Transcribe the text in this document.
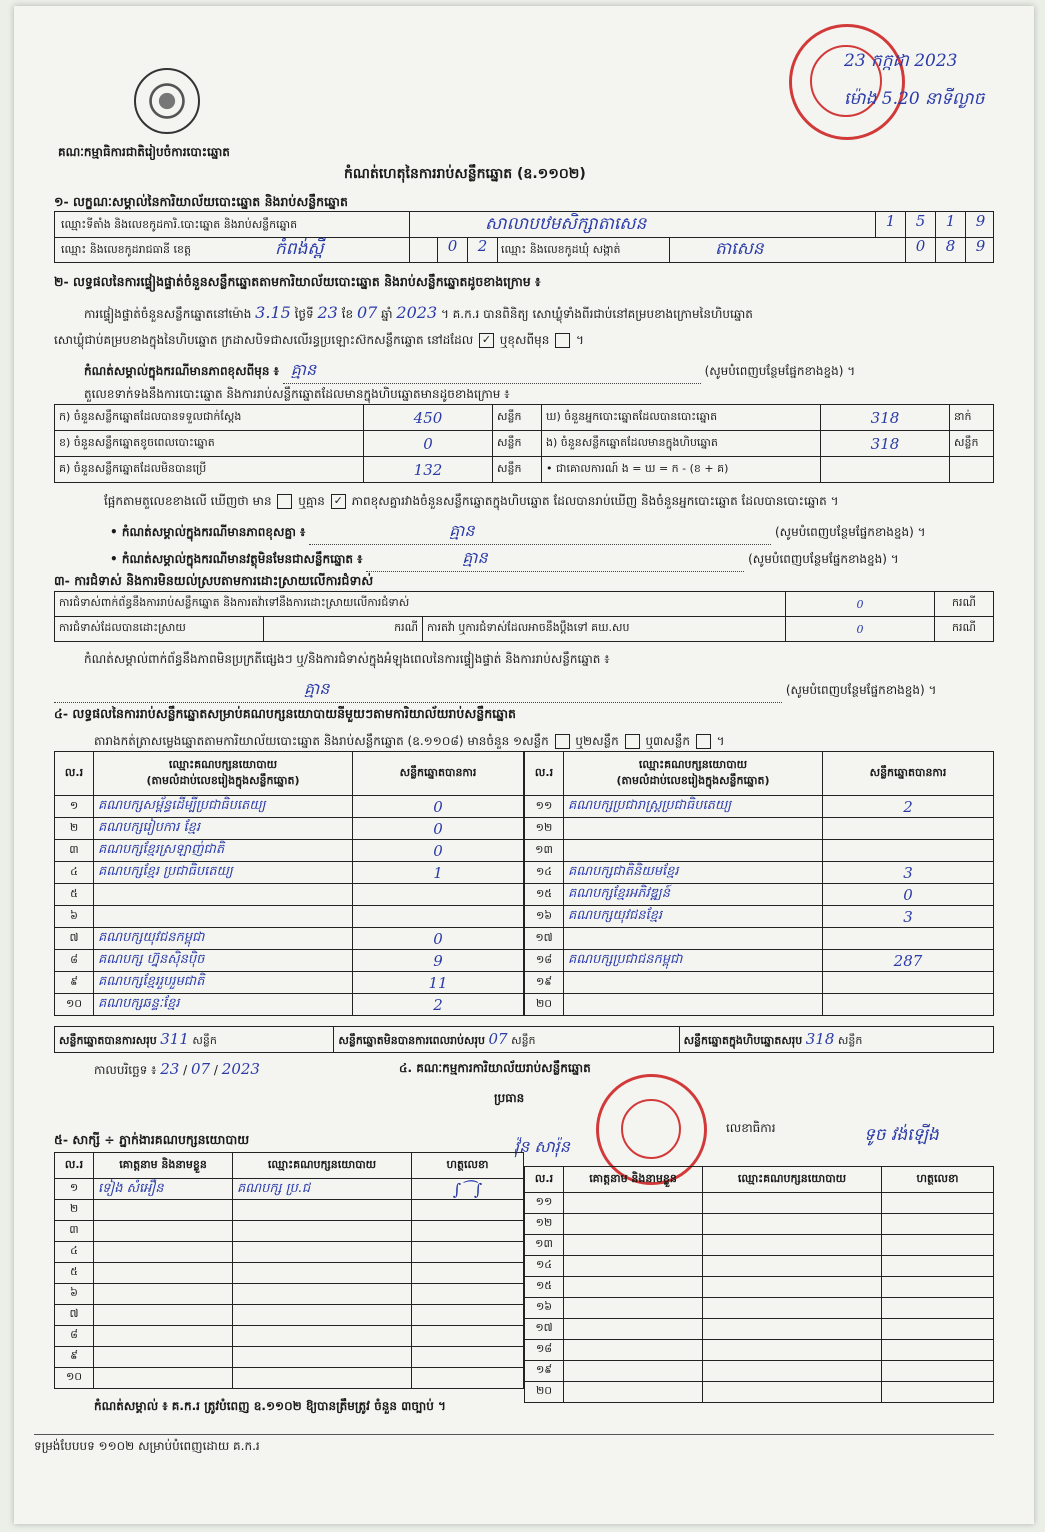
គណៈកម្មាធិការជាតិរៀបចំការបោះឆ្នោត
កំណត់ហេតុនៃការរាប់សន្លឹកឆ្នោត (ឧ.១១០២)
23 កក្កដា 2023
ម៉ោង 5.20 នាទីល្ងាច
១- លក្ខណៈសម្គាល់នៃការិយាល័យបោះឆ្នោត និងរាប់សន្លឹកឆ្នោត
ឈ្មោះទីតាំង និងលេខកូដការិ.បោះឆ្នោត និងរាប់សន្លឹកឆ្នោត	សាលាបឋមសិក្សាតាសេន	1	5	1	9
ឈ្មោះ និងលេខកូដរាជធានី ខេត្ត	កំពង់ស្ពឺ	0	2	ឈ្មោះ និងលេខកូដឃុំ សង្កាត់	តាសេន	0	8	9
២- លទ្ធផលនៃការផ្ទៀងផ្ទាត់ចំនួនសន្លឹកឆ្នោតតាមការិយាល័យបោះឆ្នោត និងរាប់សន្លឹកឆ្នោតដូចខាងក្រោម ៖
ការផ្ទៀងផ្ទាត់ចំនួនសន្លឹកឆ្នោតនៅម៉ោង 3.15 ថ្ងៃទី 23 ខែ 07 ឆ្នាំ 2023 ។ គ.ក.រ បានពិនិត្យ សោឃ្លុំទាំងពីរជាប់នៅគម្របខាងក្រោមនៃហិបឆ្នោត
សោឃ្លុំជាប់គម្របខាងក្នុងនៃហិបឆ្នោត ក្រដាសបិទជាសលើរន្ធប្រឡោះស៊កសន្លឹកឆ្នោត នៅដដែល ✓ ឬខុសពីមុន  ។
កំណត់សម្គាល់ក្នុងករណីមានភាពខុសពីមុន ៖ គ្មាន	(សូមបំពេញបន្ថែមផ្នែកខាងខ្នង) ។
តួលេខទាក់ទងនឹងការបោះឆ្នោត និងការរាប់សន្លឹកឆ្នោតដែលមានក្នុងហិបឆ្នោតមានដូចខាងក្រោម ៖
ក) ចំនួនសន្លឹកឆ្នោតដែលបានទទួលជាក់ស្តែង	450	សន្លឹក	ឃ) ចំនួនអ្នកបោះឆ្នោតដែលបានបោះឆ្នោត	318	នាក់
ខ) ចំនួនសន្លឹកឆ្នោតខូចពេលបោះឆ្នោត	0	សន្លឹក	ង) ចំនួនសន្លឹកឆ្នោតដែលមានក្នុងហិបឆ្នោត	318	សន្លឹក
គ) ចំនួនសន្លឹកឆ្នោតដែលមិនបានប្រើ	132	សន្លឹក	• ជាគោលការណ៍ ង = ឃ = ក - (ខ + គ)		
ផ្អែកតាមតួលេខខាងលើ ឃើញថា មាន ឬគ្មាន ✓ ភាពខុសគ្នារវាងចំនួនសន្លឹកឆ្នោតក្នុងហិបឆ្នោត ដែលបានរាប់ឃើញ និងចំនួនអ្នកបោះឆ្នោត ដែលបានបោះឆ្នោត ។
• កំណត់សម្គាល់ក្នុងករណីមានភាពខុសគ្នា ៖	គ្មាន	(សូមបំពេញបន្ថែមផ្នែកខាងខ្នង) ។
• កំណត់សម្គាល់ក្នុងករណីមានវត្ថុមិនមែនជាសន្លឹកឆ្នោត ៖	គ្មាន	(សូមបំពេញបន្ថែមផ្នែកខាងខ្នង) ។
៣- ការជំទាស់ និងការមិនយល់ស្របតាមការដោះស្រាយលើការជំទាស់
ការជំទាស់ពាក់ព័ន្ធនឹងការរាប់សន្លឹកឆ្នោត និងការតវ៉ាទៅនឹងការដោះស្រាយលើការជំទាស់			0	ករណី
ការជំទាស់ដែលបានដោះស្រាយ	ករណី	ការតវ៉ា ឬការជំទាស់ដែលអាចនឹងប្តឹងទៅ គឃ.សប	0	ករណី
កំណត់សម្គាល់ពាក់ព័ន្ធនឹងភាពមិនប្រក្រតីផ្សេងៗ ឬ/និងការជំទាស់ក្នុងអំឡុងពេលនៃការផ្ទៀងផ្ទាត់ និងការរាប់សន្លឹកឆ្នោត ៖
គ្មាន	(សូមបំពេញបន្ថែមផ្នែកខាងខ្នង) ។
៤- លទ្ធផលនៃការរាប់សន្លឹកឆ្នោតសម្រាប់គណបក្សនយោបាយនីមួយៗតាមការិយាល័យរាប់សន្លឹកឆ្នោត
តារាងកត់ត្រាសម្លេងឆ្នោតតាមការិយាល័យបោះឆ្នោត និងរាប់សន្លឹកឆ្នោត (ឧ.១១០៨) មានចំនួន ១សន្លឹក ឬ២សន្លឹក ឬ៣សន្លឹក  ។
ល.រ	ឈ្មោះគណបក្សនយោបាយ
(តាមលំដាប់លេខរៀងក្នុងសន្លឹកឆ្នោត)	សន្លឹកឆ្នោតបានការ
១	គណបក្សសម្ព័ន្ធដើម្បីប្រជាធិបតេយ្យ	0
២	គណបក្សរៀបការ ខ្មែរ	0
៣	គណបក្សខ្មែរស្រឡាញ់ជាតិ	0
៤	គណបក្សខ្មែរ ប្រជាធិបតេយ្យ	1
៥		
៦		
៧	គណបក្សយុវជនកម្ពុជា	0
៨	គណបក្ស ហ្វ៊ុនស៊ិនប៉ិច	9
៩	គណបក្សខ្មែររួបរួមជាតិ	11
១០	គណបក្សឆន្ទៈខ្មែរ	2
ល.រ	ឈ្មោះគណបក្សនយោបាយ
(តាមលំដាប់លេខរៀងក្នុងសន្លឹកឆ្នោត)	សន្លឹកឆ្នោតបានការ
១១	គណបក្សប្រជារាស្ត្រប្រជាធិបតេយ្យ	2
១២		
១៣		
១៤	គណបក្សជាតិនិយមខ្មែរ	3
១៥	គណបក្សខ្មែរអភិវឌ្ឍន៍	0
១៦	គណបក្សយុវជនខ្មែរ	3
១៧		
១៨	គណបក្សប្រជាជនកម្ពុជា	287
១៩		
២០		
សន្លឹកឆ្នោតបានការសរុប 311 សន្លឹក	សន្លឹកឆ្នោតមិនបានការពេលរាប់សរុប 07 សន្លឹក	សន្លឹកឆ្នោតក្នុងហិបឆ្នោតសរុប 318 សន្លឹក
កាលបរិច្ឆេទ ៖ 23 / 07 / 2023	៤. គណៈកម្មការការិយាល័យរាប់សន្លឹកឆ្នោត
ប្រធាន
វ៉ុន សារ៉ុន
លេខាធិការ	ទូច វង់ឡើង
៥- សាក្សី ÷ ភ្នាក់ងារគណបក្សនយោបាយ
ល.រ	គោត្តនាម និងនាមខ្លួន	ឈ្មោះគណបក្សនយោបាយ	ហត្ថលេខា
១	ទៀង សំអឿន	គណបក្ស ប្រ.ជ	∫⁀∫
២			
៣			
៤			
៥			
៦			
៧			
៨			
៩			
១០			
ល.រ	គោត្តនាម និងនាមខ្លួន	ឈ្មោះគណបក្សនយោបាយ	ហត្ថលេខា
១១			
១២			
១៣			
១៤			
១៥			
១៦			
១៧			
១៨			
១៩			
២០			
កំណត់សម្គាល់ ៖ គ.ក.រ ត្រូវបំពេញ ឧ.១១០២ ឱ្យបានត្រឹមត្រូវ ចំនួន ៣ច្បាប់ ។
ទម្រង់បែបបទ ១១០២ សម្រាប់បំពេញដោយ គ.ក.រ
